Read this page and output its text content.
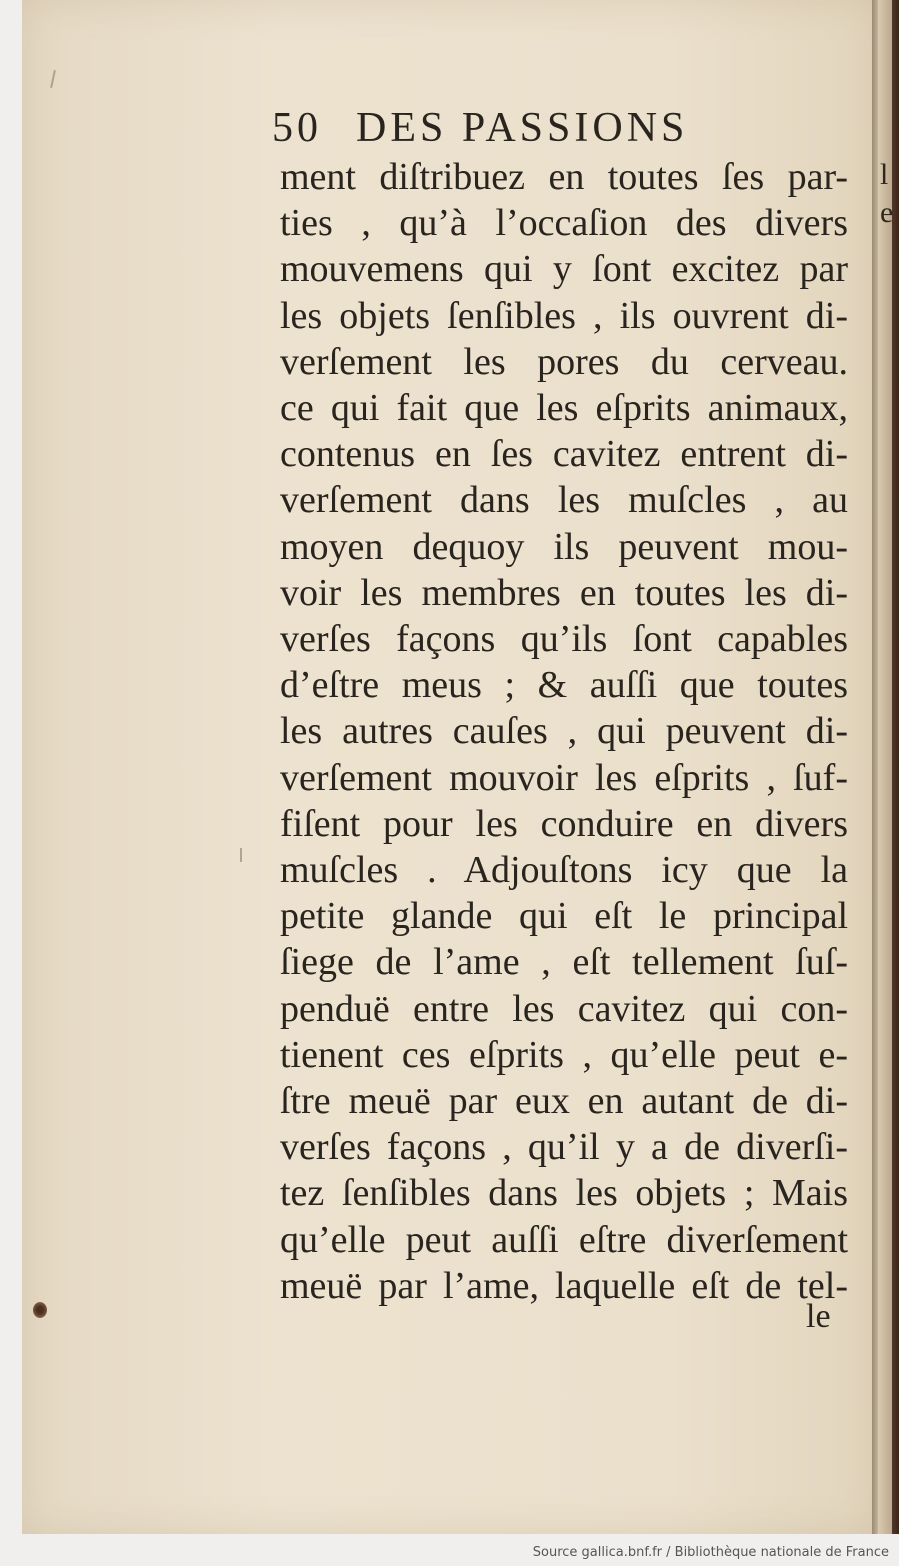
l
e
50 DES PASSIONS
ment diſtribuez en toutes ſes par-
ties , qu’à l’occaſion des divers
mouvemens qui y ſont excitez par
les objets ſenſibles , ils ouvrent di-
verſement les pores du cerveau.
ce qui fait que les eſprits animaux,
contenus en ſes cavitez entrent di-
verſement dans les muſcles , au
moyen dequoy ils peuvent mou-
voir les membres en toutes les di-
verſes façons qu’ils ſont capables
d’eſtre meus ; & auſſi que toutes
les autres cauſes , qui peuvent di-
verſement mouvoir les eſprits , ſuf-
fiſent pour les conduire en divers
muſcles . Adjouſtons icy que la
petite glande qui eſt le principal
ſiege de l’ame , eſt tellement ſuſ-
penduë entre les cavitez qui con-
tienent ces eſprits , qu’elle peut e-
ſtre meuë par eux en autant de di-
verſes façons , qu’il y a de diverſi-
tez ſenſibles dans les objets ; Mais
qu’elle peut auſſi eſtre diverſement
meuë par l’ame, laquelle eſt de tel-
le
Source gallica.bnf.fr / Bibliothèque nationale de France
